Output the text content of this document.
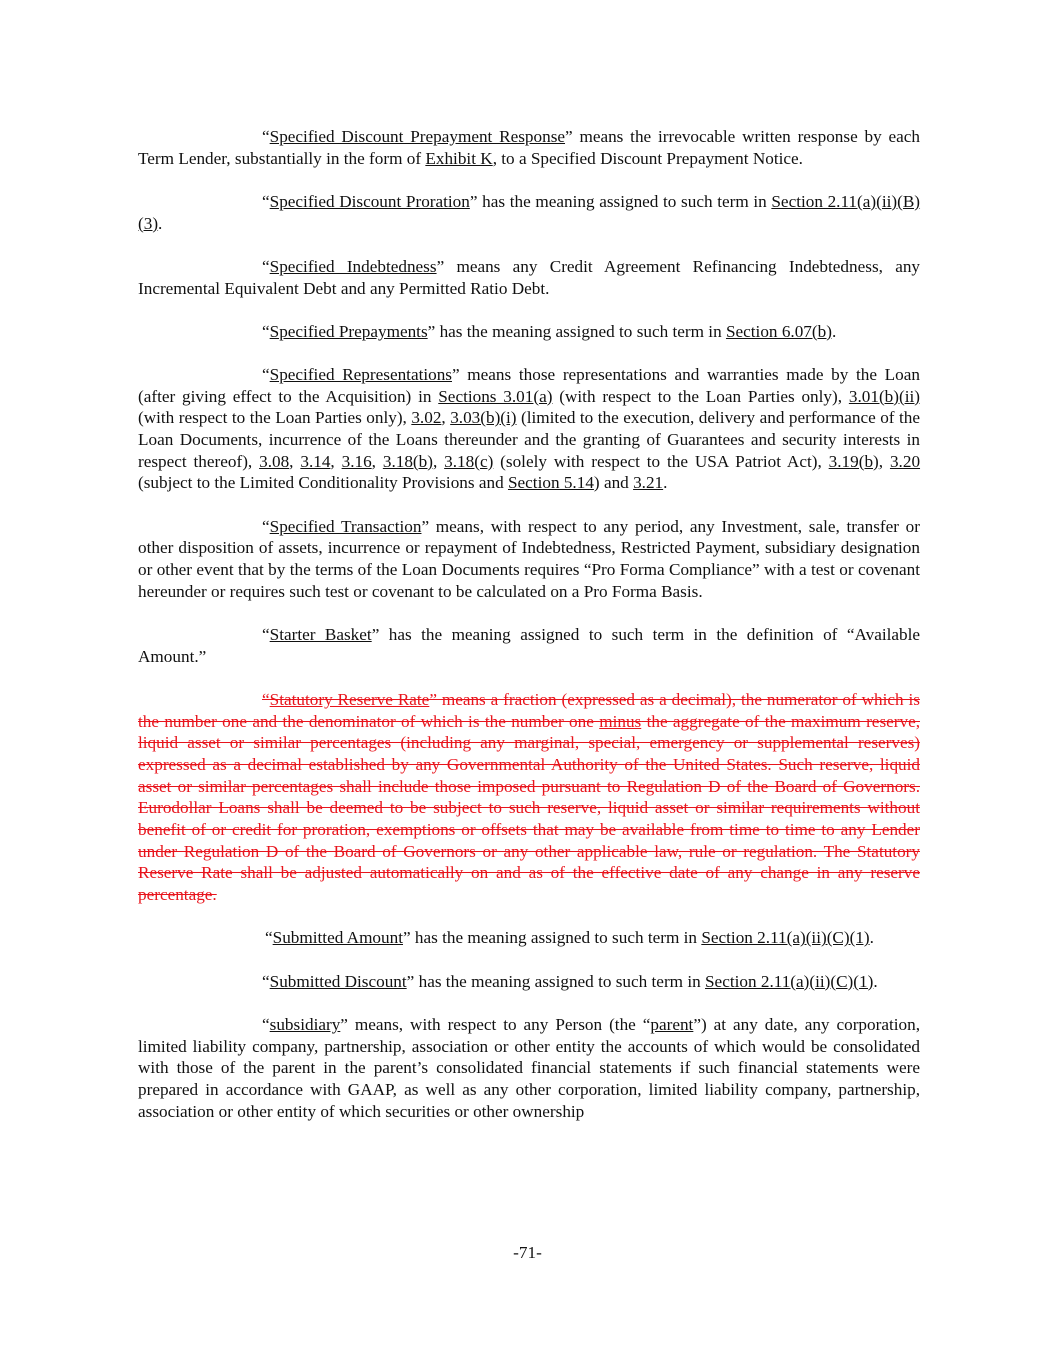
“Specified Discount Prepayment Response” means the irrevocable written response by each Term Lender, substantially in the form of Exhibit K, to a Specified Discount Prepayment Notice.

“Specified Discount Proration” has the meaning assigned to such term in Section 2.11(a)(ii)(B)(3).

“Specified Indebtedness” means any Credit Agreement Refinancing Indebtedness, any Incremental Equivalent Debt and any Permitted Ratio Debt.

“Specified Prepayments” has the meaning assigned to such term in Section 6.07(b).

“Specified Representations” means those representations and warranties made by the Loan (after giving effect to the Acquisition) in Sections 3.01(a) (with respect to the Loan Parties only), 3.01(b)(ii) (with respect to the Loan Parties only), 3.02, 3.03(b)(i) (limited to the execution, delivery and performance of the Loan Documents, incurrence of the Loans thereunder and the granting of Guarantees and security interests in respect thereof), 3.08, 3.14, 3.16, 3.18(b), 3.18(c) (solely with respect to the USA Patriot Act), 3.19(b), 3.20 (subject to the Limited Conditionality Provisions and Section 5.14) and 3.21.

“Specified Transaction” means, with respect to any period, any Investment, sale, transfer or other disposition of assets, incurrence or repayment of Indebtedness, Restricted Payment, subsidiary designation or other event that by the terms of the Loan Documents requires “Pro Forma Compliance” with a test or covenant hereunder or requires such test or covenant to be calculated on a Pro Forma Basis.

“Starter Basket” has the meaning assigned to such term in the definition of “Available Amount.”

“Statutory Reserve Rate” means a fraction (expressed as a decimal), the numerator of which is the number one and the denominator of which is the number one minus the aggregate of the maximum reserve, liquid asset or similar percentages (including any marginal, special, emergency or supplemental reserves) expressed as a decimal established by any Governmental Authority of the United States. Such reserve, liquid asset or similar percentages shall include those imposed pursuant to Regulation D of the Board of Governors. Eurodollar Loans shall be deemed to be subject to such reserve, liquid asset or similar requirements without benefit of or credit for proration, exemptions or offsets that may be available from time to time to any Lender under Regulation D of the Board of Governors or any other applicable law, rule or regulation. The Statutory Reserve Rate shall be adjusted automatically on and as of the effective date of any change in any reserve percentage.

“Submitted Amount” has the meaning assigned to such term in Section 2.11(a)(ii)(C)(1).

“Submitted Discount” has the meaning assigned to such term in Section 2.11(a)(ii)(C)(1).

“subsidiary” means, with respect to any Person (the “parent”) at any date, any corporation, limited liability company, partnership, association or other entity the accounts of which would be consolidated with those of the parent in the parent’s consolidated financial statements if such financial statements were prepared in accordance with GAAP, as well as any other corporation, limited liability company, partnership, association or other entity of which securities or other ownership

-71-
